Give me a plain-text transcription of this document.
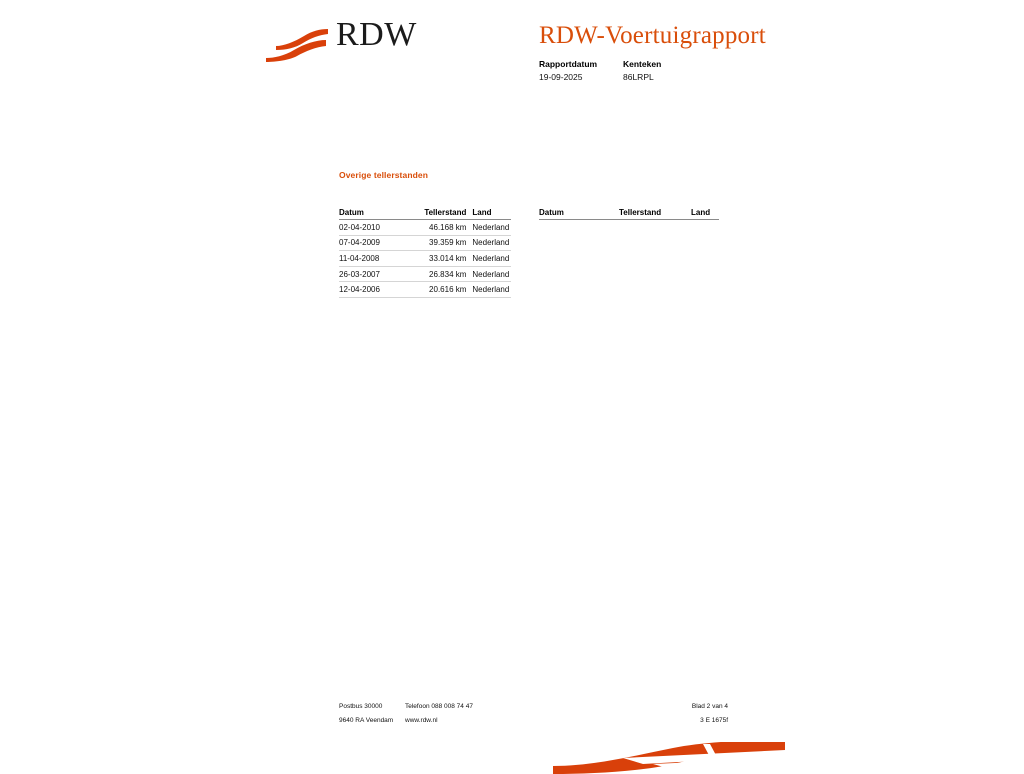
RDW	RDW-Voertuigrapport
Rapportdatum
19-09-2025
Kenteken
86LRPL
Overige tellerstanden
Datum	Tellerstand Land
02-04-2010	46.168 km Nederland
07-04-2009	39.359 km Nederland
11-04-2008	33.014 km Nederland
26-03-2007	26.834 km Nederland
12-04-2006	20.616 km Nederland
Datum	Tellerstand	Land
Postbus 30000
9640 RA Veendam
Telefoon 088 008 74 47
www.rdw.nl
Blad 2 van 4
3 E 1675f
